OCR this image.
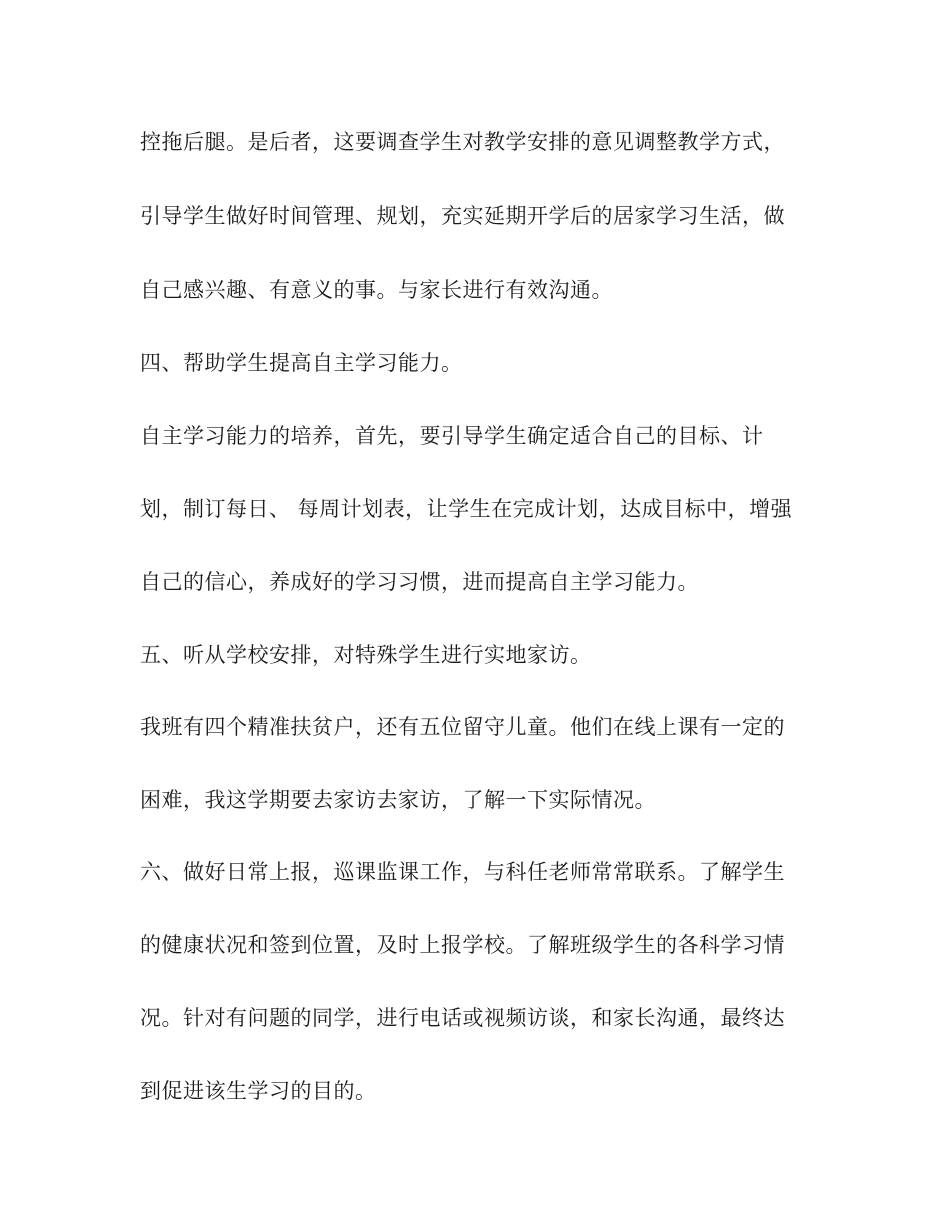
控拖后腿。是后者，这要调查学生对教学安排的意见调整教学方式，

引导学生做好时间管理、规划，充实延期开学后的居家学习生活，做

自己感兴趣、有意义的事。与家长进行有效沟通。

四、帮助学生提高自主学习能力。

自主学习能力的培养，首先，要引导学生确定适合自己的目标、计

划，制订每日、 每周计划表，让学生在完成计划，达成目标中，增强

自己的信心，养成好的学习习惯，进而提高自主学习能力。

五、听从学校安排，对特殊学生进行实地家访。

我班有四个精准扶贫户，还有五位留守儿童。他们在线上课有一定的

困难，我这学期要去家访去家访，了解一下实际情况。

六、做好日常上报，巡课监课工作，与科任老师常常联系。了解学生

的健康状况和签到位置，及时上报学校。了解班级学生的各科学习情

况。针对有问题的同学，进行电话或视频访谈，和家长沟通，最终达

到促进该生学习的目的。
